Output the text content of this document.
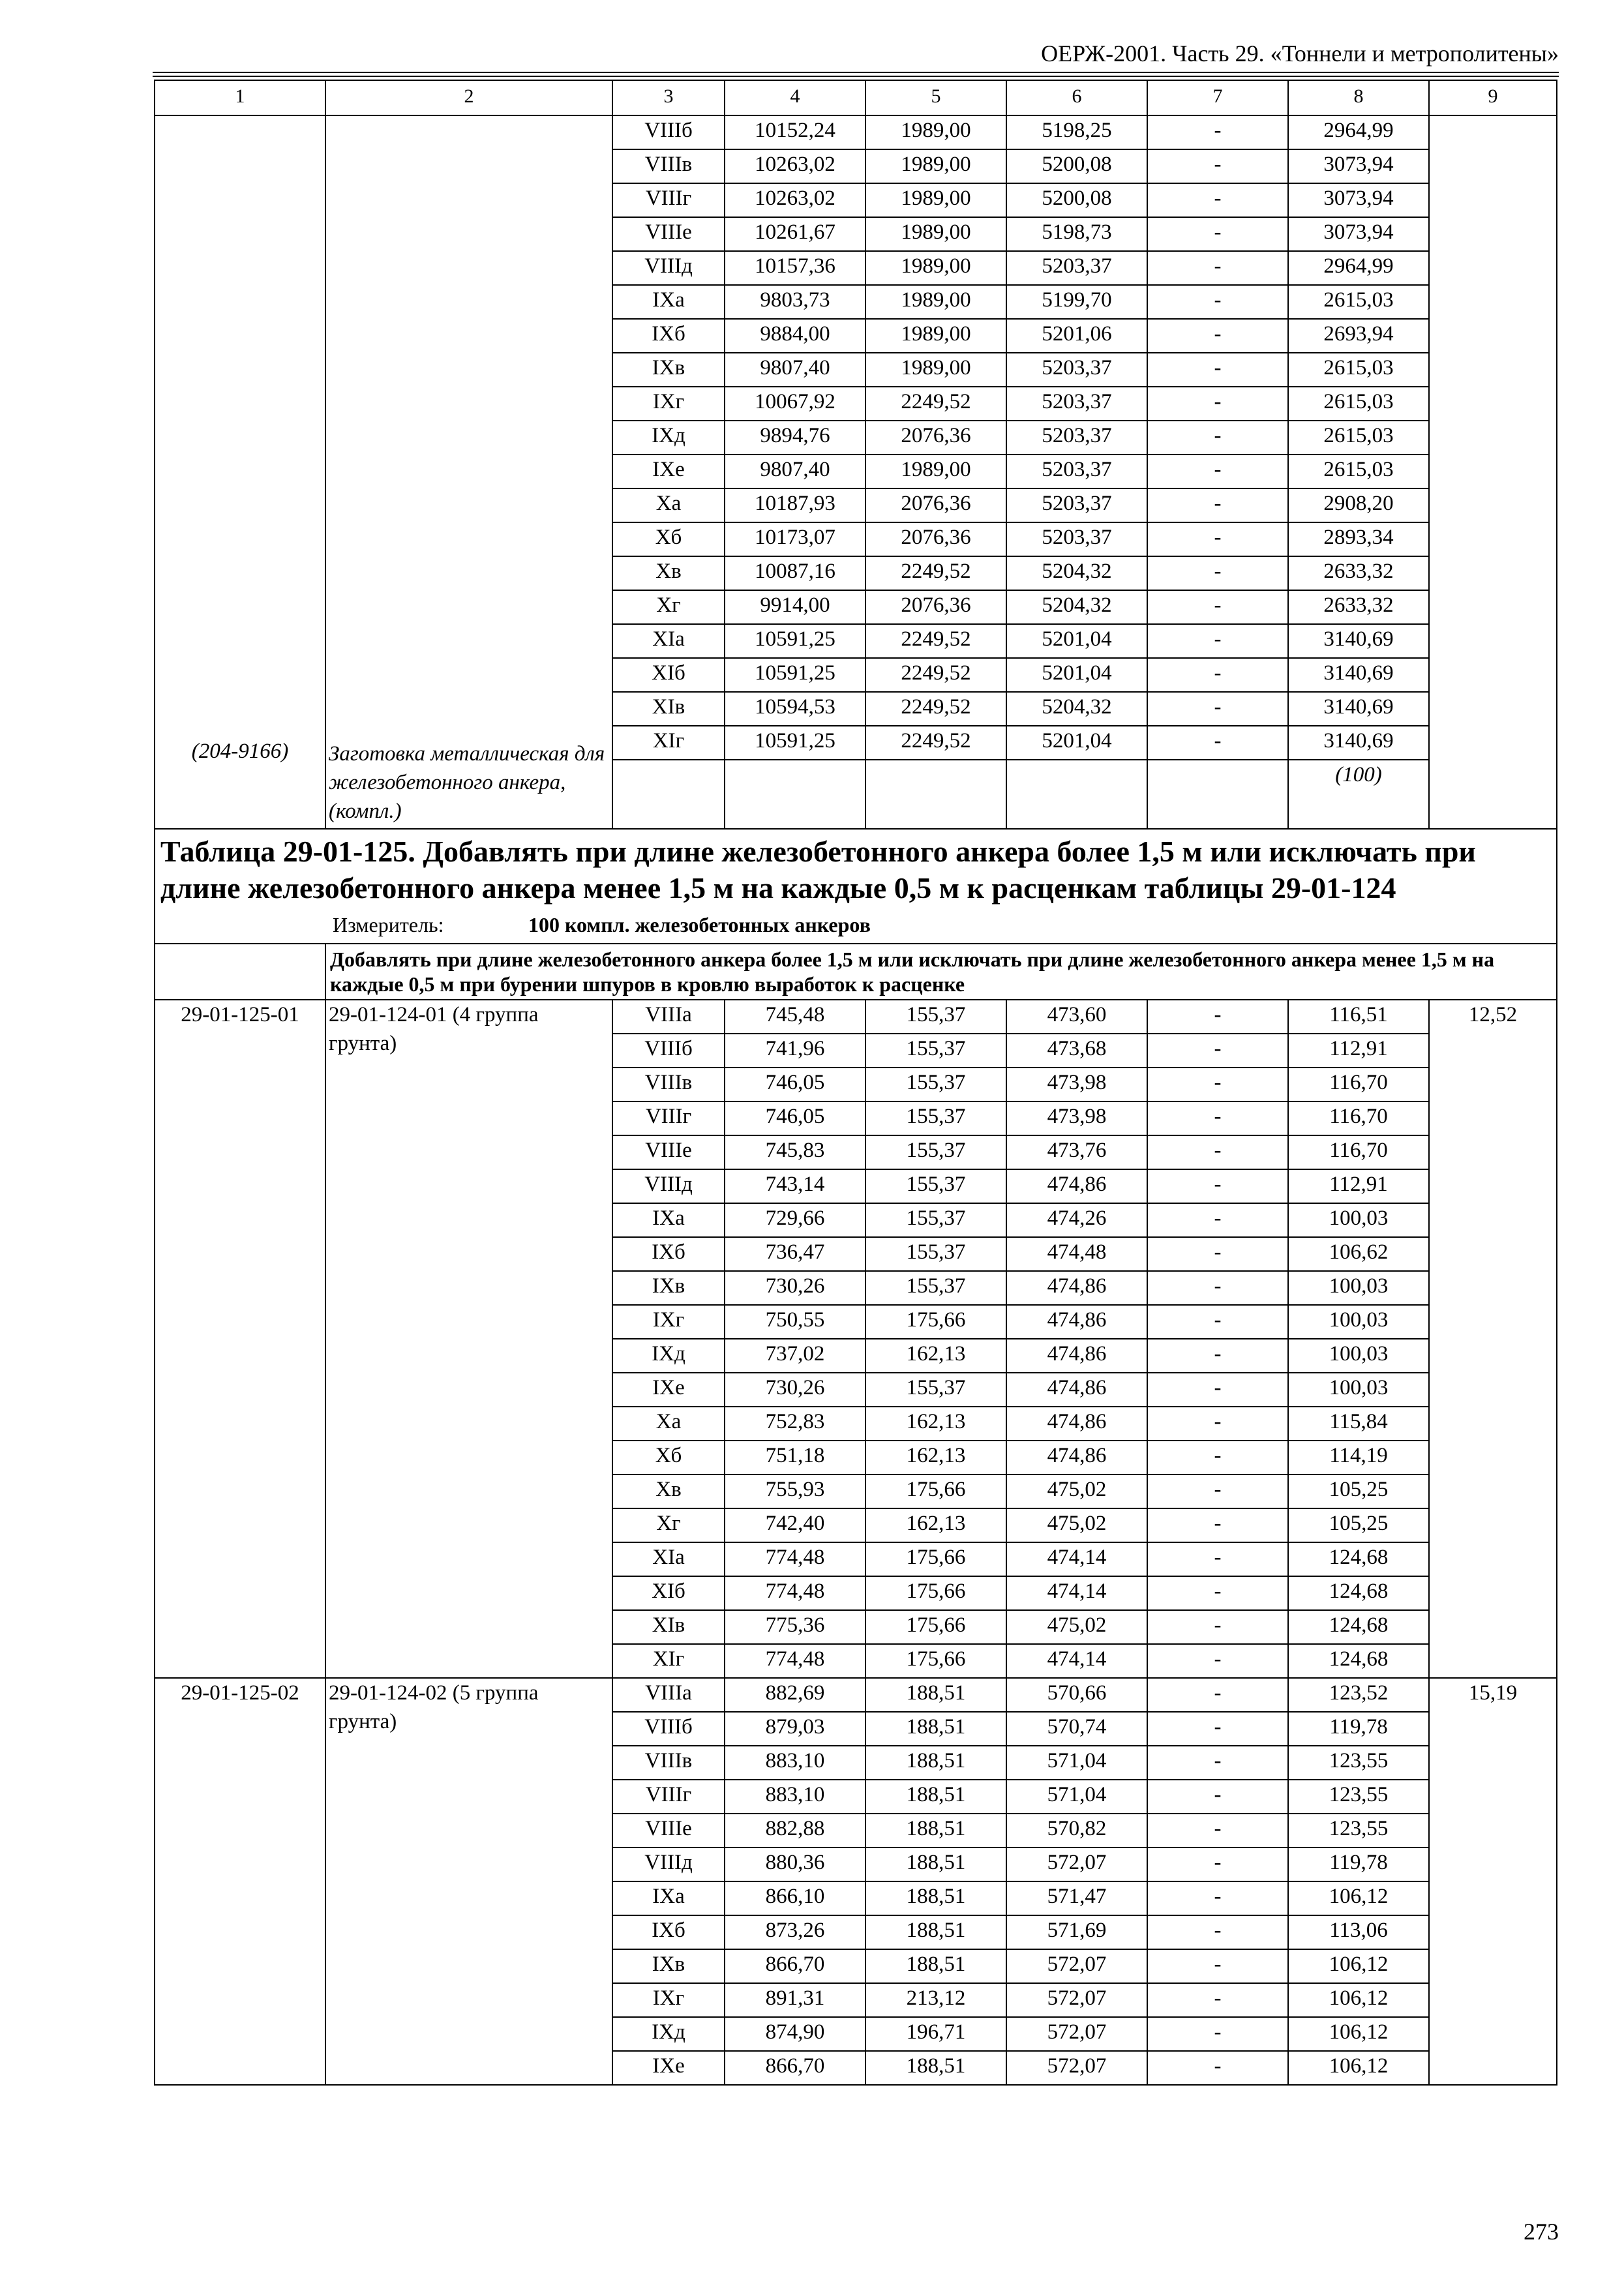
ОЕРЖ-2001. Часть 29. «Тоннели и метрополитены»
1	2	3	4	5	6	7	8	9

(204-9166)	Заготовка металлическая для железобетонного анкера, (компл.)	VIIIб	10152,24	1989,00	5198,25	-	2964,99	
		VIIIв	10263,02	1989,00	5200,08	-	3073,94	
		VIIIг	10263,02	1989,00	5200,08	-	3073,94	
		VIIIе	10261,67	1989,00	5198,73	-	3073,94	
		VIIIд	10157,36	1989,00	5203,37	-	2964,99	
		IXа	9803,73	1989,00	5199,70	-	2615,03	
		IXб	9884,00	1989,00	5201,06	-	2693,94	
		IXв	9807,40	1989,00	5203,37	-	2615,03	
		IXг	10067,92	2249,52	5203,37	-	2615,03	
		IXд	9894,76	2076,36	5203,37	-	2615,03	
		IXе	9807,40	1989,00	5203,37	-	2615,03	
		Xа	10187,93	2076,36	5203,37	-	2908,20	
		Xб	10173,07	2076,36	5203,37	-	2893,34	
		Xв	10087,16	2249,52	5204,32	-	2633,32	
		Xг	9914,00	2076,36	5204,32	-	2633,32	
		XIа	10591,25	2249,52	5201,04	-	3140,69	
		XIб	10591,25	2249,52	5201,04	-	3140,69	
		XIв	10594,53	2249,52	5204,32	-	3140,69	
		XIг	10591,25	2249,52	5201,04	-	3140,69	
							(100)	

Таблица 29-01-125. Добавлять при длине железобетонного анкера более 1,5 м или исключать при длине железобетонного анкера менее 1,5 м на каждые 0,5 м к расценкам таблицы 29-01-124
Измеритель: 100 компл. железобетонных анкеров								

	Добавлять при длине железобетонного анкера более 1,5 м или исключать при длине железобетонного анкера менее 1,5 м на каждые 0,5 м при бурении шпуров в кровлю выработок к расценке							
29-01-125-01	29-01-124-01 (4 группа грунта)	VIIIа	745,48	155,37	473,60	-	116,51	12,52
		VIIIб	741,96	155,37	473,68	-	112,91	
		VIIIв	746,05	155,37	473,98	-	116,70	
		VIIIг	746,05	155,37	473,98	-	116,70	
		VIIIе	745,83	155,37	473,76	-	116,70	
		VIIIд	743,14	155,37	474,86	-	112,91	
		IXа	729,66	155,37	474,26	-	100,03	
		IXб	736,47	155,37	474,48	-	106,62	
		IXв	730,26	155,37	474,86	-	100,03	
		IXг	750,55	175,66	474,86	-	100,03	
		IXд	737,02	162,13	474,86	-	100,03	
		IXе	730,26	155,37	474,86	-	100,03	
		Xа	752,83	162,13	474,86	-	115,84	
		Xб	751,18	162,13	474,86	-	114,19	
		Xв	755,93	175,66	475,02	-	105,25	
		Xг	742,40	162,13	475,02	-	105,25	
		XIа	774,48	175,66	474,14	-	124,68	
		XIб	774,48	175,66	474,14	-	124,68	
		XIв	775,36	175,66	475,02	-	124,68	
		XIг	774,48	175,66	474,14	-	124,68	
29-01-125-02	29-01-124-02 (5 группа грунта)	VIIIа	882,69	188,51	570,66	-	123,52	15,19
		VIIIб	879,03	188,51	570,74	-	119,78	
		VIIIв	883,10	188,51	571,04	-	123,55	
		VIIIг	883,10	188,51	571,04	-	123,55	
		VIIIе	882,88	188,51	570,82	-	123,55	
		VIIIд	880,36	188,51	572,07	-	119,78	
		IXа	866,10	188,51	571,47	-	106,12	
		IXб	873,26	188,51	571,69	-	113,06	
		IXв	866,70	188,51	572,07	-	106,12	
		IXг	891,31	213,12	572,07	-	106,12	
		IXд	874,90	196,71	572,07	-	106,12	
		IXе	866,70	188,51	572,07	-	106,12	
273
